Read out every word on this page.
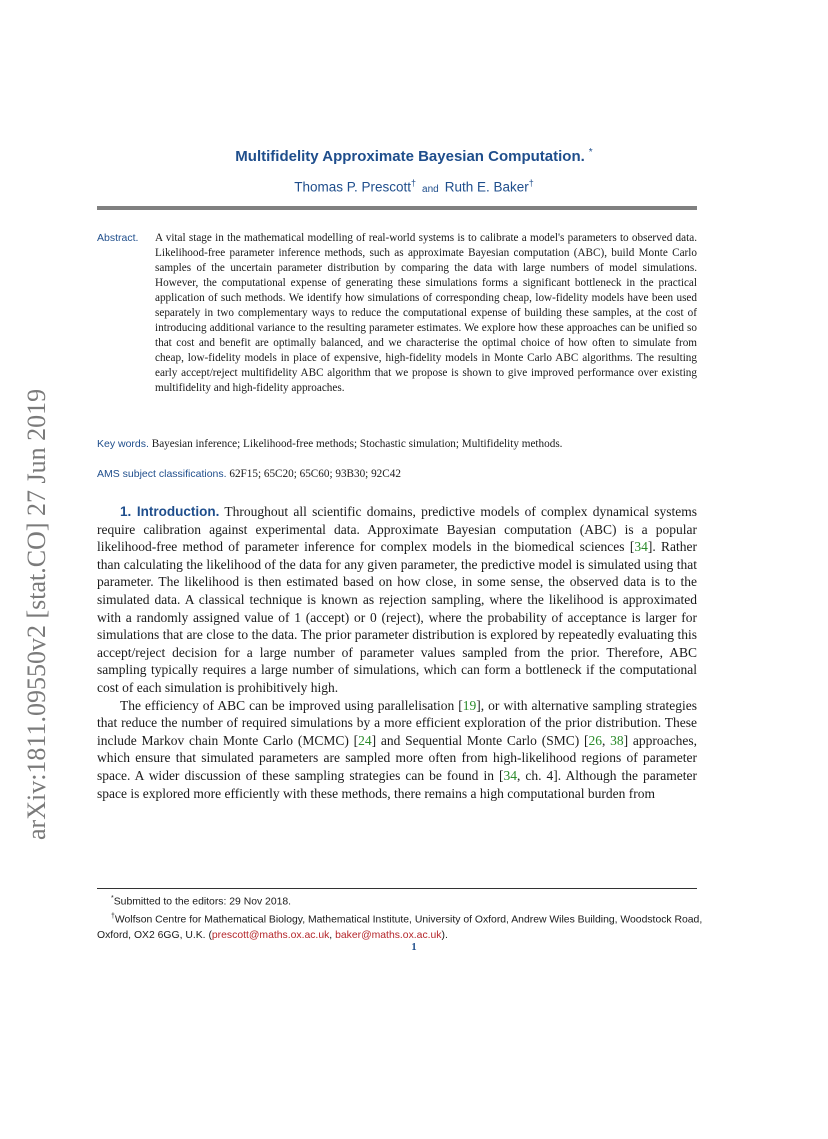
arXiv:1811.09550v2 [stat.CO] 27 Jun 2019
Multifidelity Approximate Bayesian Computation. *
Thomas P. Prescott†and Ruth E. Baker†
Abstract. A vital stage in the mathematical modelling of real-world systems is to calibrate a model's parameters to observed data. Likelihood-free parameter inference methods, such as approximate Bayesian computation (ABC), build Monte Carlo samples of the uncertain parameter distribution by comparing the data with large numbers of model simulations. However, the computational expense of generating these simulations forms a significant bottleneck in the practical application of such methods. We identify how simulations of corresponding cheap, low-fidelity models have been used separately in two complementary ways to reduce the computational expense of building these samples, at the cost of introducing additional variance to the resulting parameter estimates. We explore how these approaches can be unified so that cost and benefit are optimally balanced, and we characterise the optimal choice of how often to simulate from cheap, low-fidelity models in place of expensive, high-fidelity models in Monte Carlo ABC algorithms. The resulting early accept/reject multifidelity ABC algorithm that we propose is shown to give improved performance over existing multifidelity and high-fidelity approaches.
Key words. Bayesian inference; Likelihood-free methods; Stochastic simulation; Multifidelity methods.
AMS subject classifications. 62F15; 65C20; 65C60; 93B30; 92C42

1. Introduction. Throughout all scientific domains, predictive models of complex dynamical systems require calibration against experimental data. Approximate Bayesian computation (ABC) is a popular likelihood-free method of parameter inference for complex models in the biomedical sciences [34]. Rather than calculating the likelihood of the data for any given parameter, the predictive model is simulated using that parameter. The likelihood is then estimated based on how close, in some sense, the observed data is to the simulated data. A classical technique is known as rejection sampling, where the likelihood is approximated with a randomly assigned value of 1 (accept) or 0 (reject), where the probability of acceptance is larger for simulations that are close to the data. The prior parameter distribution is explored by repeatedly evaluating this accept/reject decision for a large number of parameter values sampled from the prior. Therefore, ABC sampling typically requires a large number of simulations, which can form a bottleneck if the computational cost of each simulation is prohibitively high.

The efficiency of ABC can be improved using parallelisation [19], or with alternative sampling strategies that reduce the number of required simulations by a more efficient exploration of the prior distribution. These include Markov chain Monte Carlo (MCMC) [24] and Sequential Monte Carlo (SMC) [26, 38] approaches, which ensure that simulated parameters are sampled more often from high-likelihood regions of parameter space. A wider discussion of these sampling strategies can be found in [34, ch. 4]. Although the parameter space is explored more efficiently with these methods, there remains a high computational burden from

*Submitted to the editors: 29 Nov 2018.
†Wolfson Centre for Mathematical Biology, Mathematical Institute, University of Oxford, Andrew Wiles Building, Woodstock Road, Oxford, OX2 6GG, U.K. (prescott@maths.ox.ac.uk, baker@maths.ox.ac.uk).
1
